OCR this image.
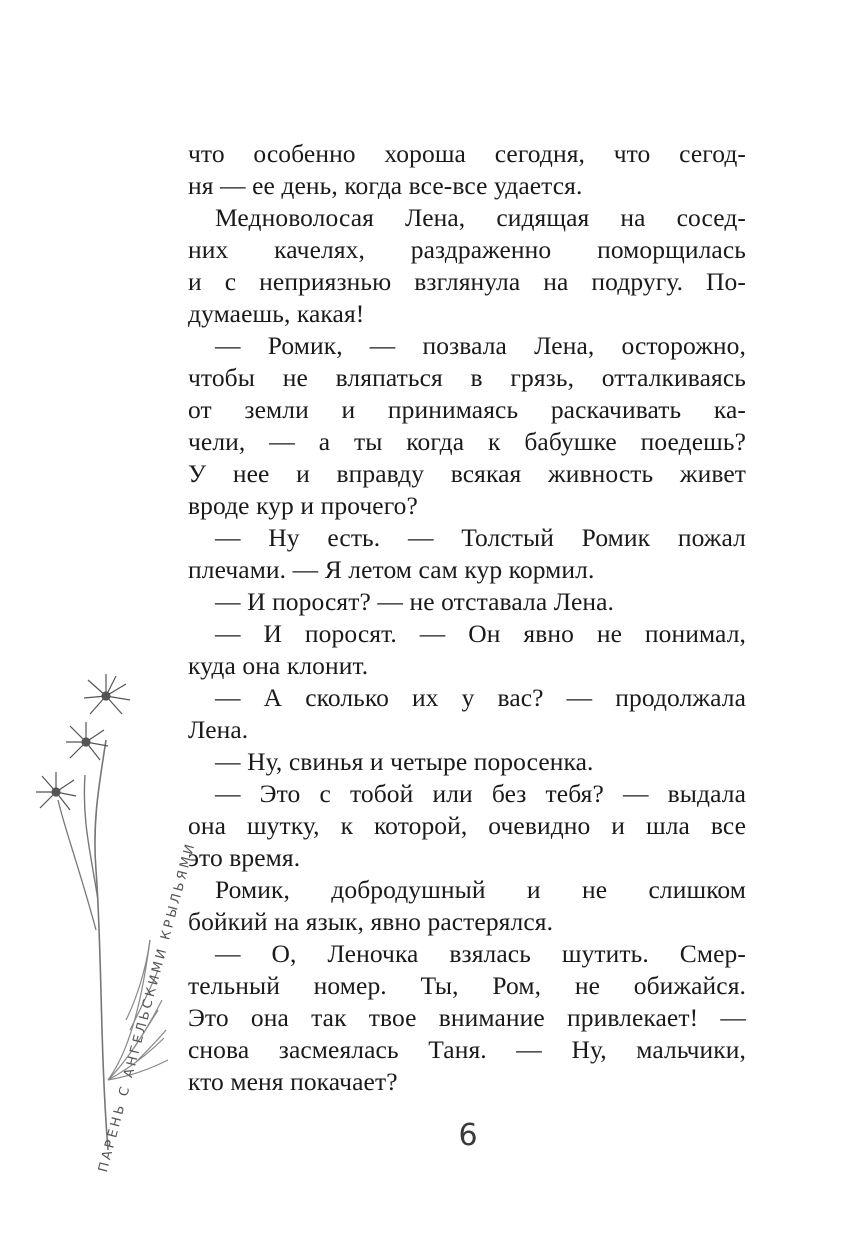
что особенно хороша сегодня, что сегод-
ня — ее день, когда все-все удается.
Медноволосая Лена, сидящая на сосед-
них качелях, раздраженно поморщилась
и с неприязнью взглянула на подругу. По-
думаешь, какая!
— Ромик, — позвала Лена, осторожно,
чтобы не вляпаться в грязь, отталкиваясь
от земли и принимаясь раскачивать ка-
чели, — а ты когда к бабушке поедешь?
У нее и вправду всякая живность живет
вроде кур и прочего?
— Ну есть. — Толстый Ромик пожал
плечами. — Я летом сам кур кормил.
— И поросят? — не отставала Лена.
— И поросят. — Он явно не понимал,
куда она клонит.
— А сколько их у вас? — продолжала
Лена.
— Ну, свинья и четыре поросенка.
— Это с тобой или без тебя? — выдала
она шутку, к которой, очевидно и шла все
это время.
Ромик, добродушный и не слишком
бойкий на язык, явно растерялся.
— О, Леночка взялась шутить. Смер-
тельный номер. Ты, Ром, не обижайся.
Это она так твое внимание привлекает! —
снова засмеялась Таня. — Ну, мальчики,
кто меня покачает?
ПАРЕНЬ С АНГЕЛЬСКИМИ КРЫЛЬЯМИ	6
